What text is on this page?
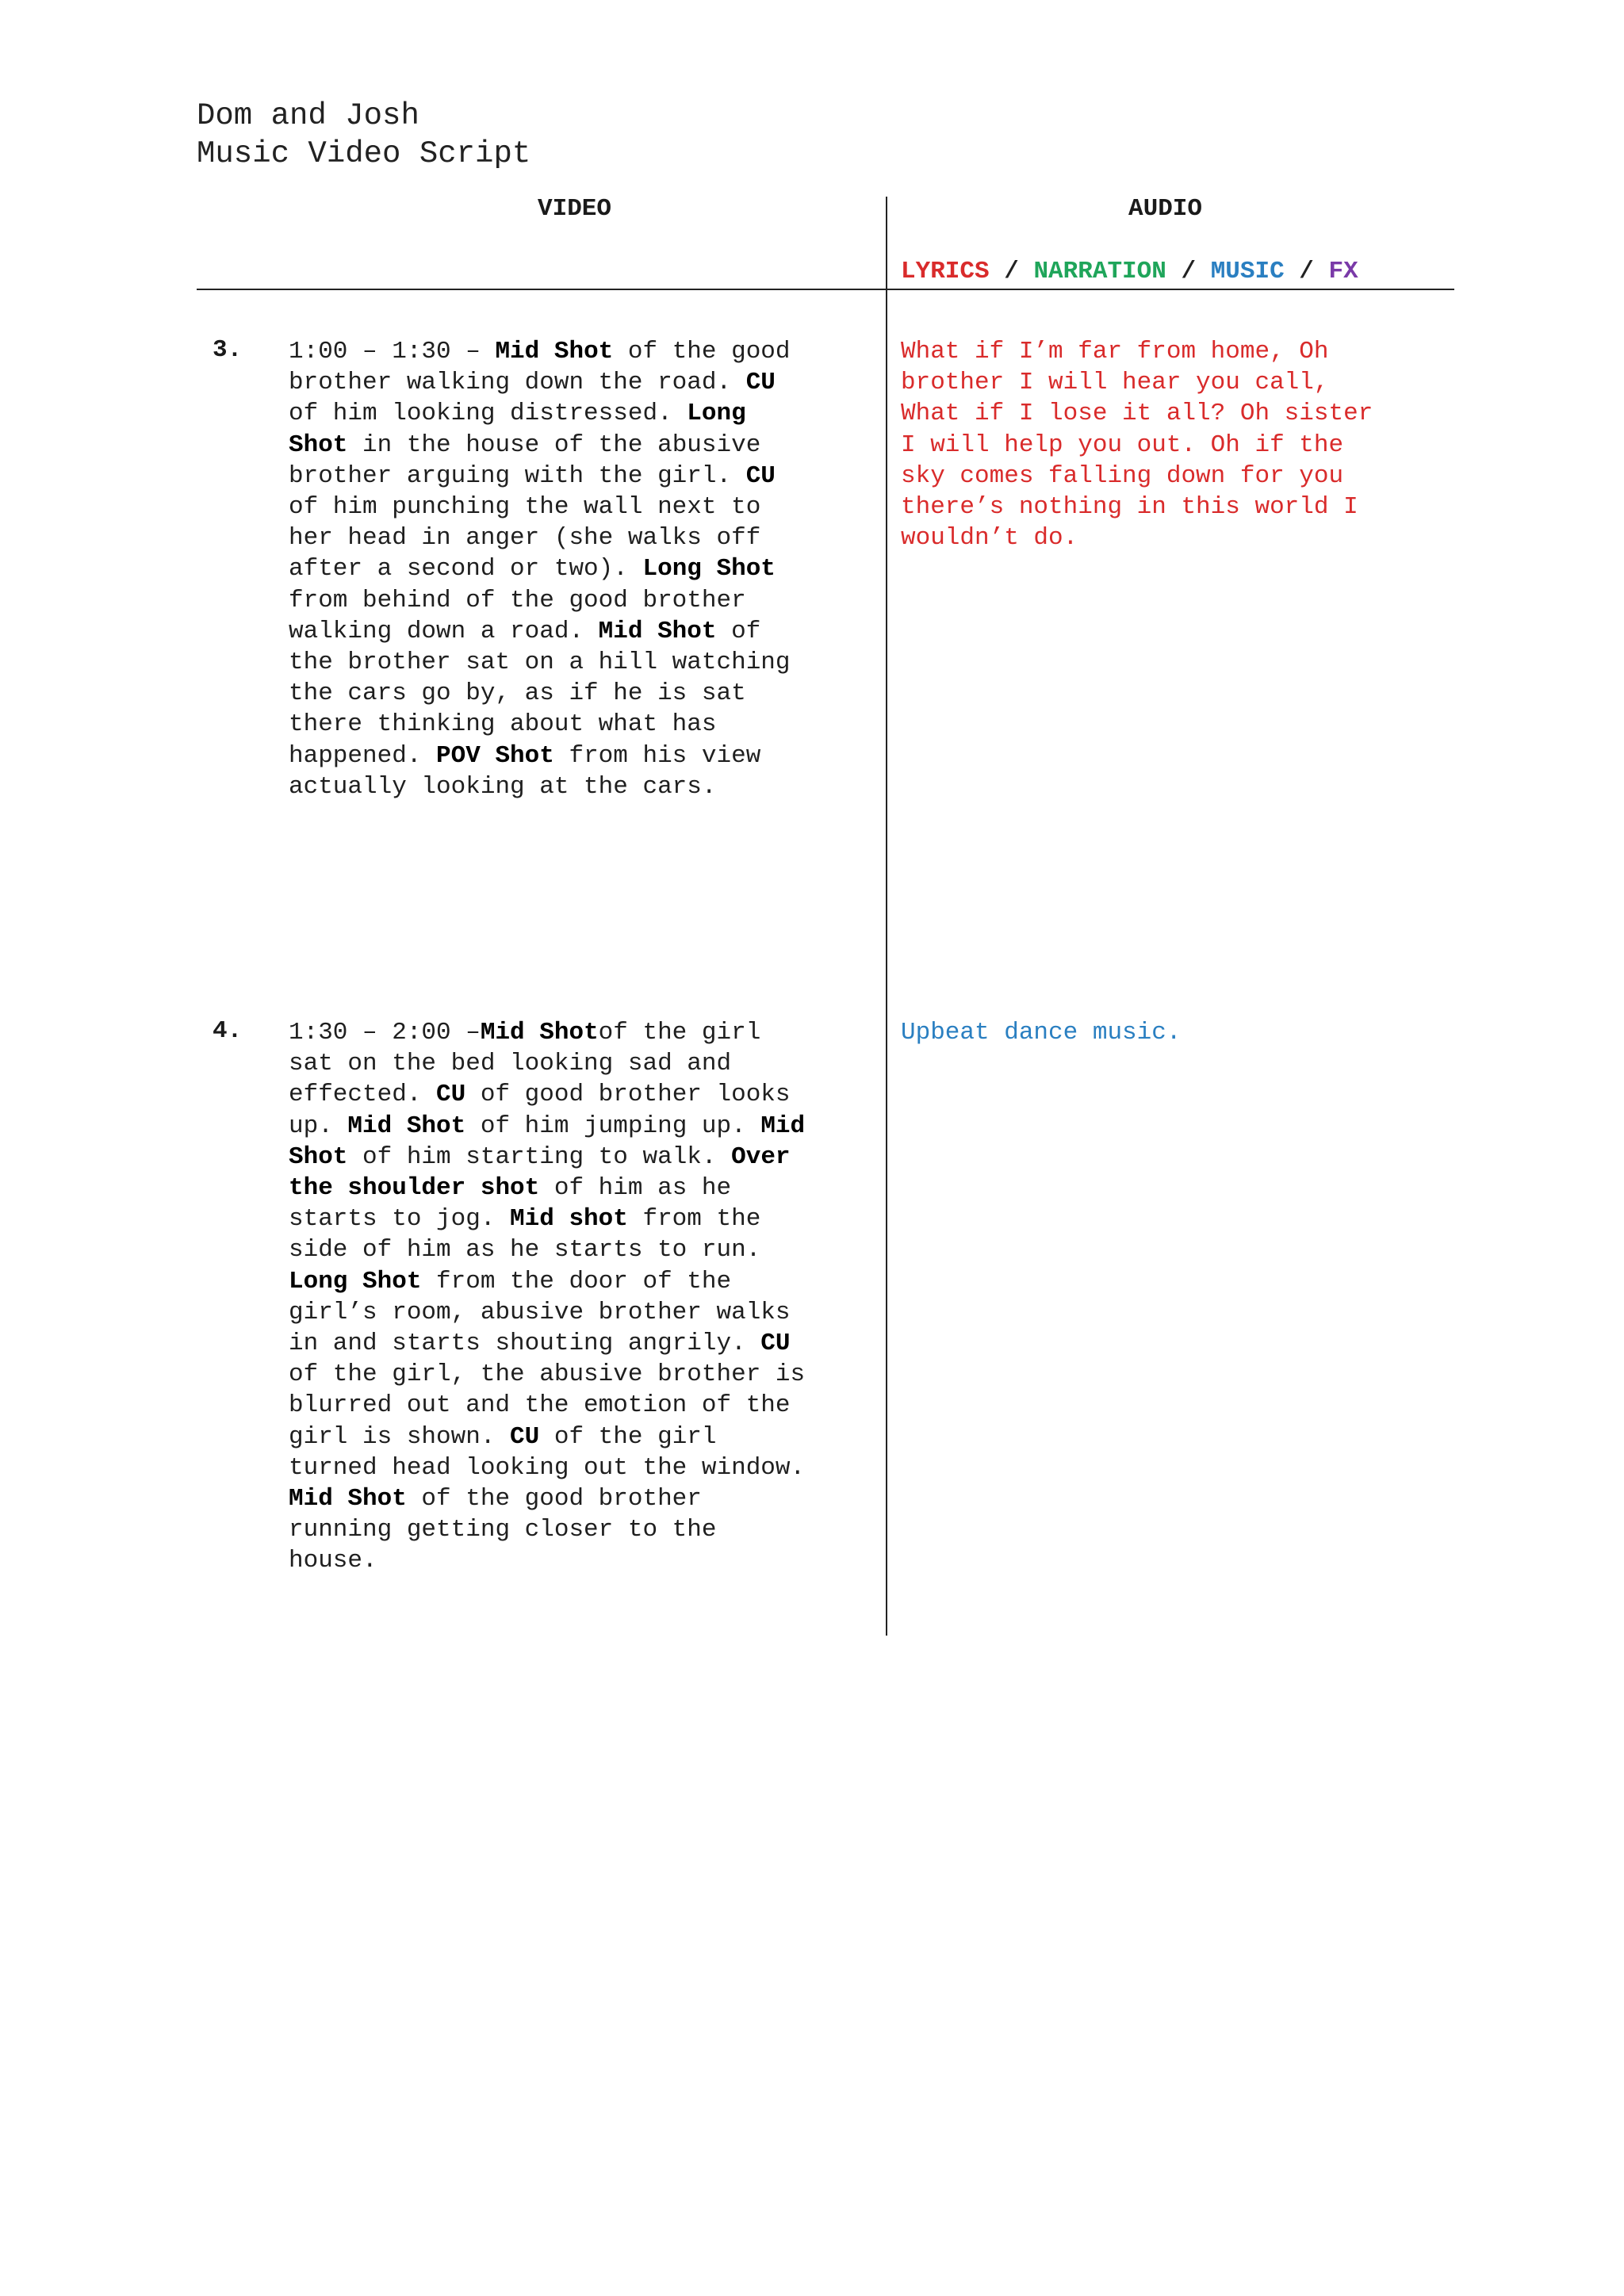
Dom and Josh
Music Video Script
VIDEO	AUDIO
LYRICS / NARRATION / MUSIC / FX
3. 1:00 – 1:30 – Mid Shot of the good
brother walking down the road. CU
of him looking distressed. Long
Shot in the house of the abusive
brother arguing with the girl. CU
of him punching the wall next to
her head in anger (she walks off
after a second or two). Long Shot
from behind of the good brother
walking down a road. Mid Shot of
the brother sat on a hill watching
the cars go by, as if he is sat
there thinking about what has
happened. POV Shot from his view
actually looking at the cars.
What if I’m far from home, Oh
brother I will hear you call,
What if I lose it all? Oh sister
I will help you out. Oh if the
sky comes falling down for you
there’s nothing in this world I
wouldn’t do.
4. 1:30 – 2:00 –Mid Shotof the girl
sat on the bed looking sad and
effected. CU of good brother looks
up. Mid Shot of him jumping up. Mid
Shot of him starting to walk. Over
the shoulder shot of him as he
starts to jog. Mid shot from the
side of him as he starts to run.
Long Shot from the door of the
girl’s room, abusive brother walks
in and starts shouting angrily. CU
of the girl, the abusive brother is
blurred out and the emotion of the
girl is shown. CU of the girl
turned head looking out the window.
Mid Shot of the good brother
running getting closer to the
house.
Upbeat dance music.
